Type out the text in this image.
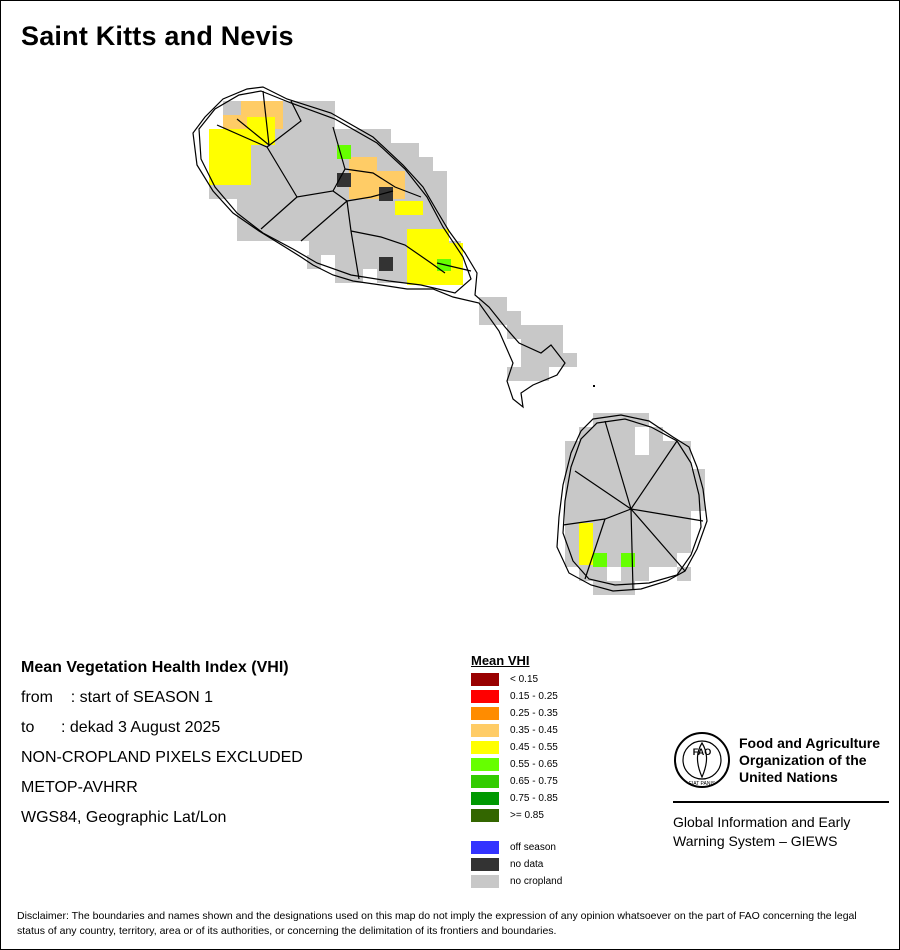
Saint Kitts and Nevis
Mean Vegetation Health Index (VHI)
from    : start of SEASON 1
to      : dekad 3 August 2025
NON-CROPLAND PIXELS EXCLUDED
METOP-AVHRR
WGS84, Geographic Lat/Lon
Mean VHI
< 0.15
0.15 - 0.25
0.25 - 0.35
0.35 - 0.45
0.45 - 0.55
0.55 - 0.65
0.65 - 0.75
0.75 - 0.85
>= 0.85
off season
no data
no cropland
FAO
FIAT PANIS
Food and Agriculture
Organization of the
United Nations
Global Information and Early
Warning System – GIEWS
Disclaimer: The boundaries and names shown and the designations used on this map do not imply the expression of any opinion whatsoever on the part of FAO concerning the legal status of any country, territory, area or of its authorities, or concerning the delimitation of its frontiers and boundaries.
